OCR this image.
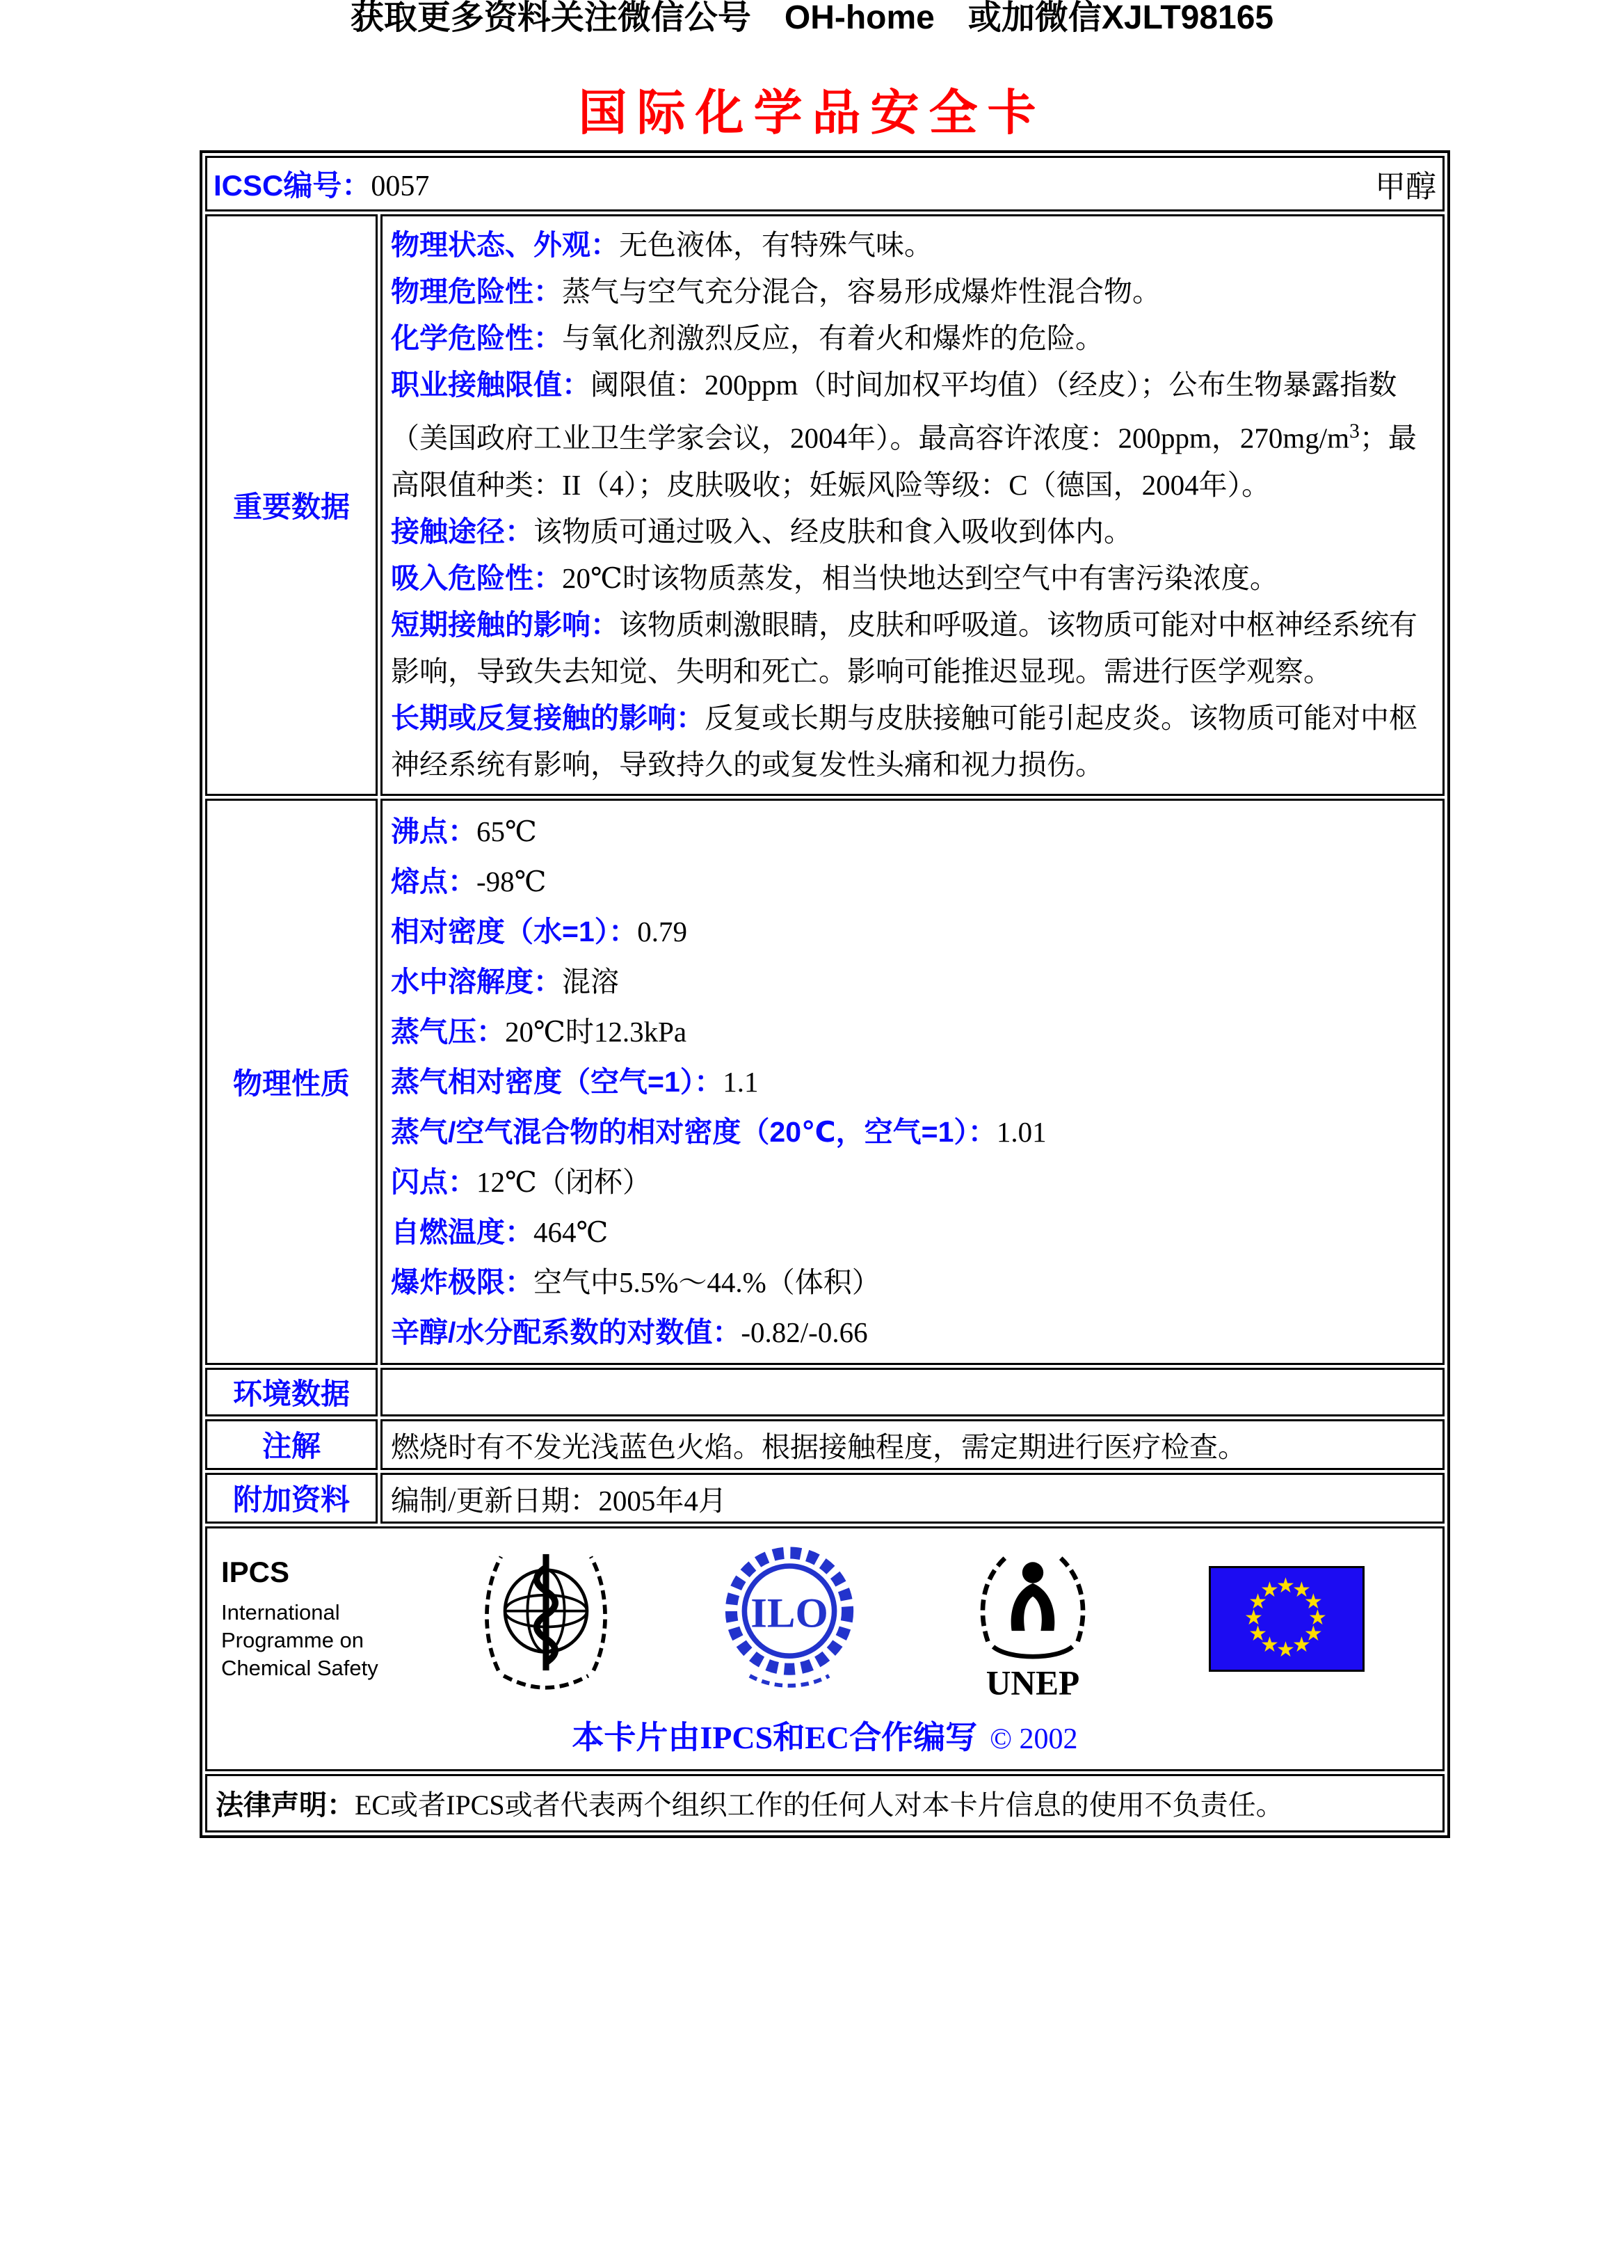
获取更多资料关注微信公号　OH-home　或加微信XJLT98165
国际化学品安全卡
ICSC编号：0057 甲醇	

重要数据	
物理状态、外观：无色液体，有特殊气味。
物理危险性：蒸气与空气充分混合，容易形成爆炸性混合物。
化学危险性：与氧化剂激烈反应，有着火和爆炸的危险。
职业接触限值：阈限值：200ppm（时间加权平均值）（经皮）；公布生物暴露指数（美国政府工业卫生学家会议，2004年）。最高容许浓度：200ppm，$270mg/m^3$；最高限值种类：II（4）；皮肤吸收；妊娠风险等级：C（德国，2004年）。
接触途径：该物质可通过吸入、经皮肤和食入吸收到体内。
吸入危险性：20℃时该物质蒸发，相当快地达到空气中有害污染浓度。
短期接触的影响：该物质刺激眼睛，皮肤和呼吸道。该物质可能对中枢神经系统有影响，导致失去知觉、失明和死亡。影响可能推迟显现。需进行医学观察。
长期或反复接触的影响：反复或长期与皮肤接触可能引起皮炎。该物质可能对中枢神经系统有影响，导致持久的或复发性头痛和视力损伤。

物理性质	
沸点：65℃
熔点：-98℃
相对密度（水=1）：0.79
水中溶解度：混溶
蒸气压：20℃时12.3kPa
蒸气相对密度（空气=1）：1.1
蒸气/空气混合物的相对密度（20℃，空气=1）：1.01
闪点：12℃（闭杯）
自燃温度：464℃
爆炸极限：空气中5.5%～44.%（体积）
辛醇/水分配系数的对数值：-0.82/-0.66

环境数据	
注解	燃烧时有不发光浅蓝色火焰。根据接触程度，需定期进行医疗检查。
附加资料	编制/更新日期：2005年4月

IPCS
International
Programme on
Chemical Safety
ILO
UNEP
★
★
★
★
★
★
★
★
★
★
★
★
本卡片由IPCS和EC合作编写 © 2002

法律声明：EC或者IPCS或者代表两个组织工作的任何人对本卡片信息的使用不负责任。	
